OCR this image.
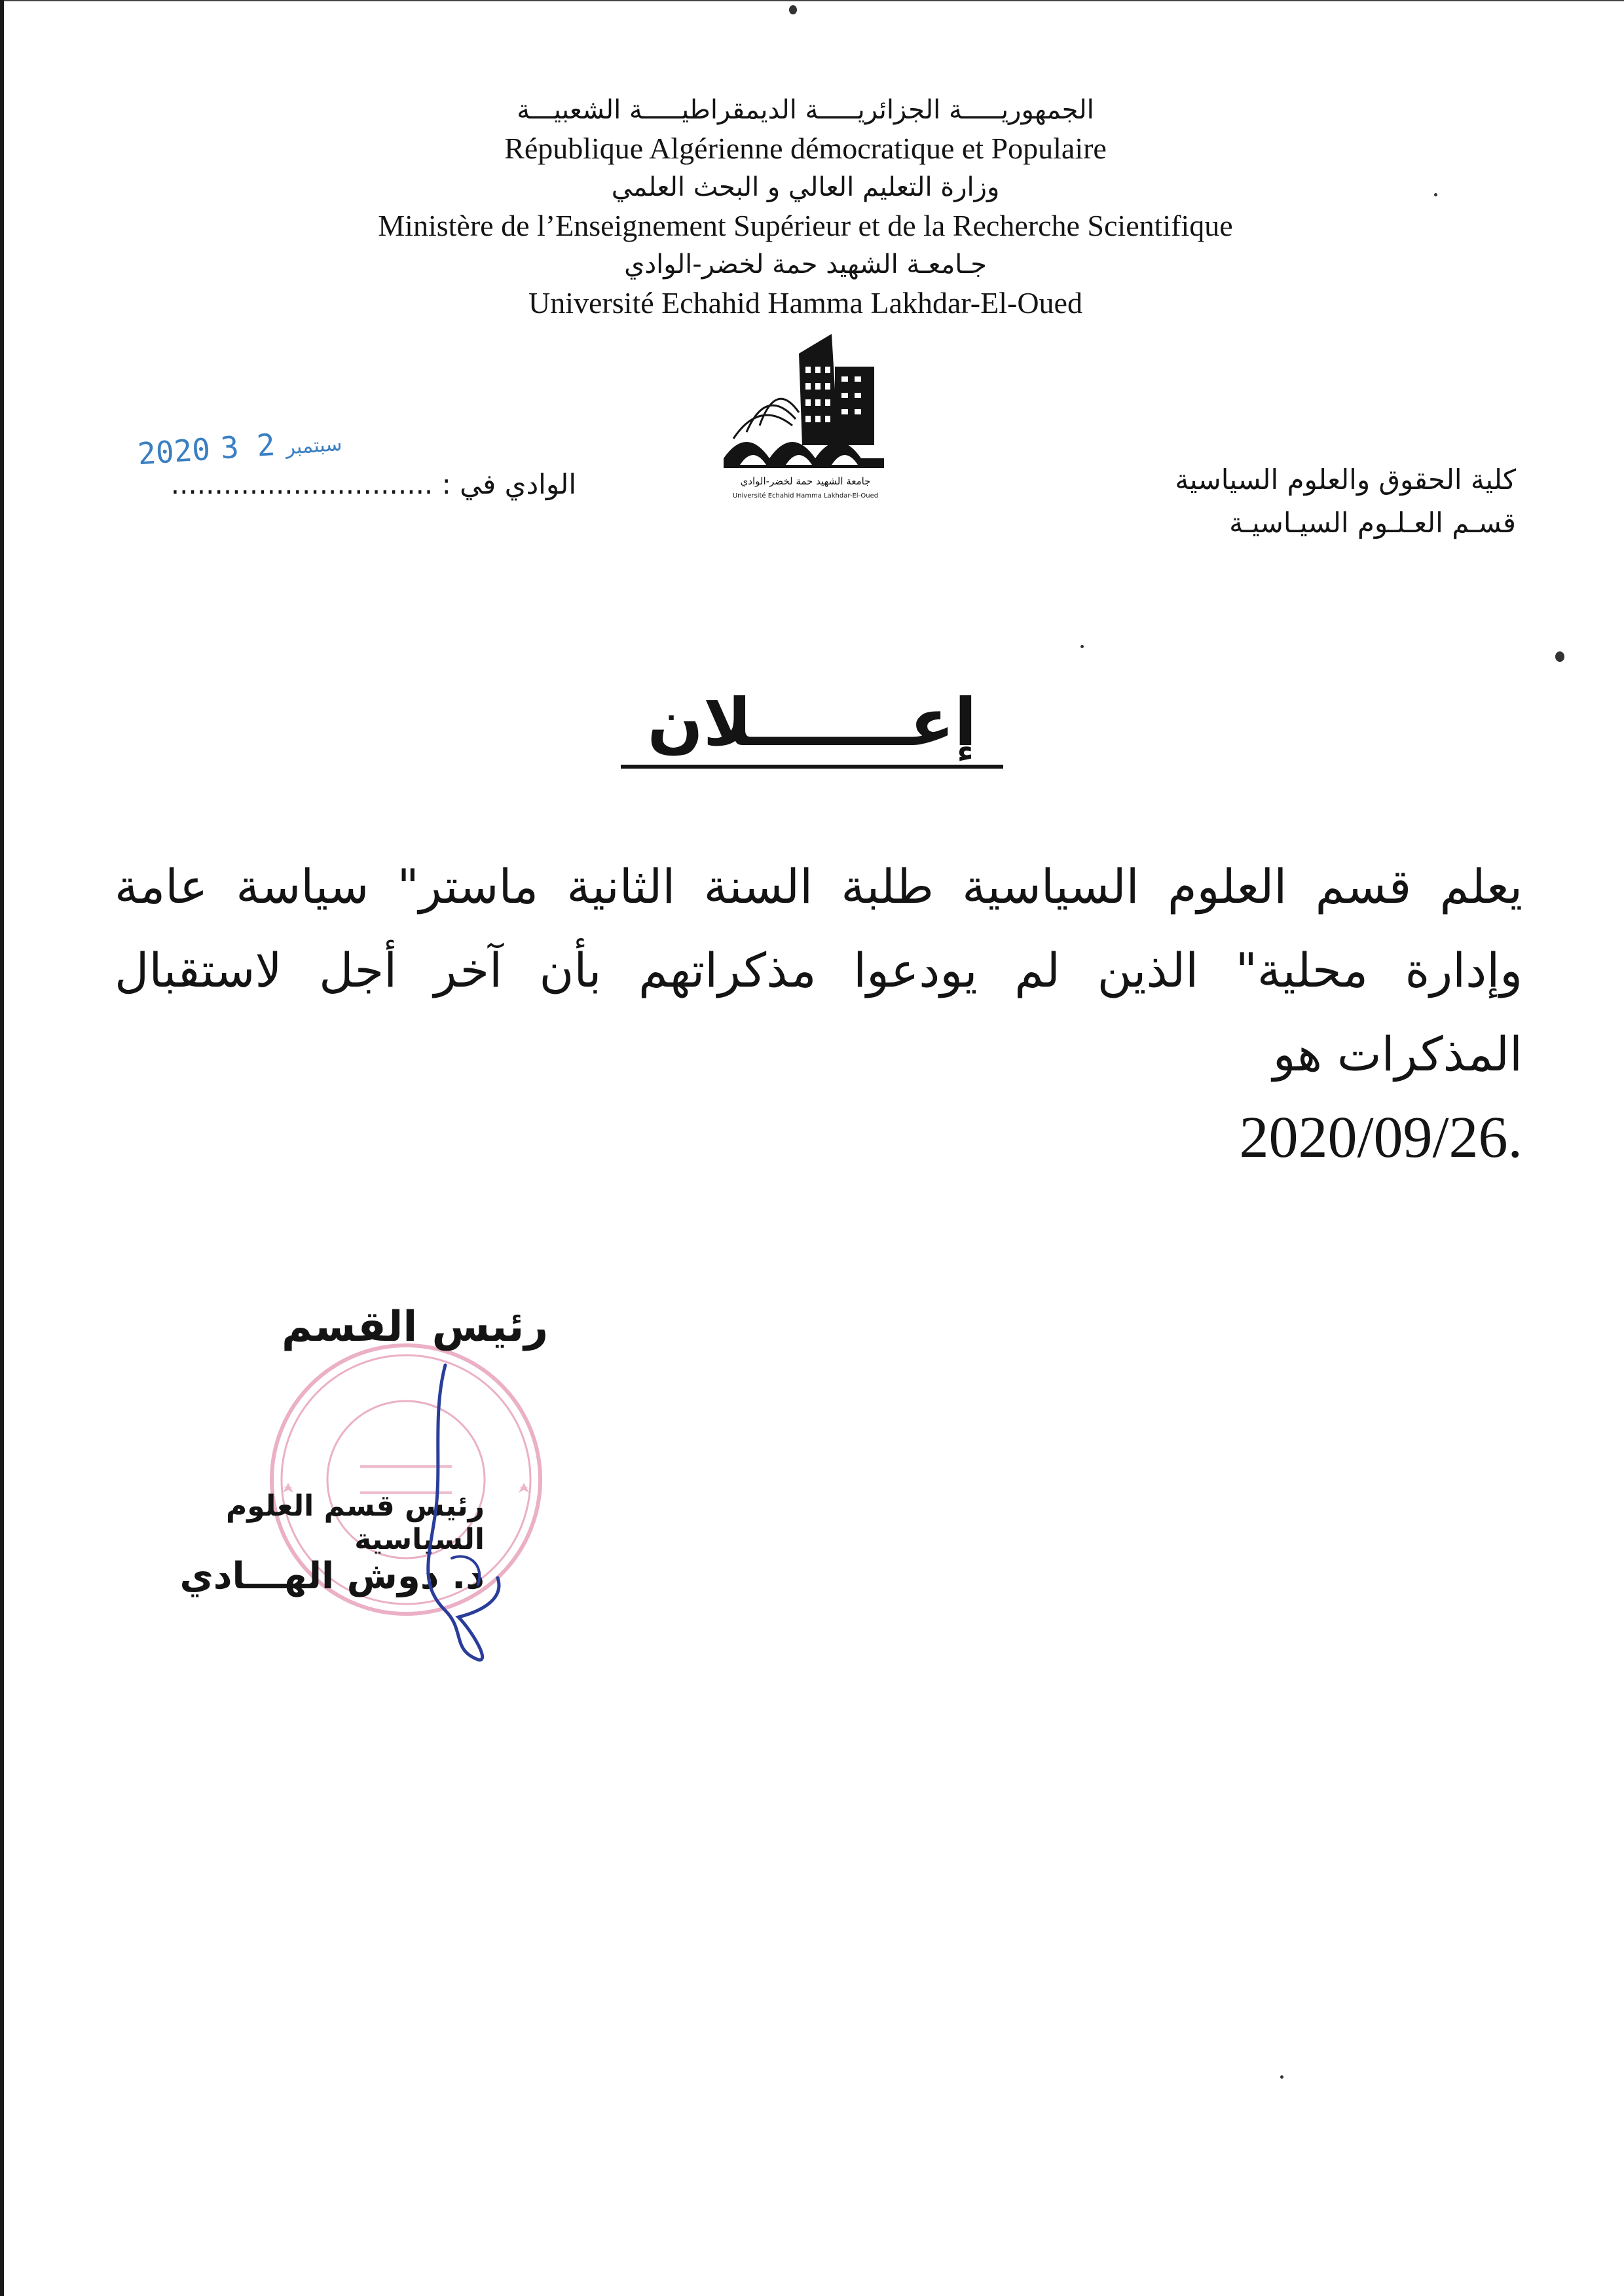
الجمهوريـــــة الجزائريـــــة الديمقراطيـــــة الشعبيـــة
République Algérienne démocratique et Populaire
وزارة التعليم العالي و البحث العلمي
Ministère de l’Enseignement Supérieur et de la Recherche Scientifique
جـامعـة الشهيد حمة لخضر-الوادي
Université Echahid Hamma Lakhdar-El-Oued
جامعة الشهيد حمة لخضر-الوادي
Université Echahid Hamma Lakhdar-El-Oued
كلية الحقوق والعلوم السياسية
قسـم العـلـوم السيـاسيـة
2020	سبتمبر2 3
الوادي في : ..............................
إعـــــــلان
يعلم قسم العلوم السياسية طلبة السنة الثانية ماستر" سياسة عامة وإدارة محلية" الذين لم يودعوا مذكراتهم بأن آخر أجل لاستقبال المذكرات هو
.2020/09/26
رئيس القسم
رئيس قسم العلوم السياسية
د. دوش الهـــادي
